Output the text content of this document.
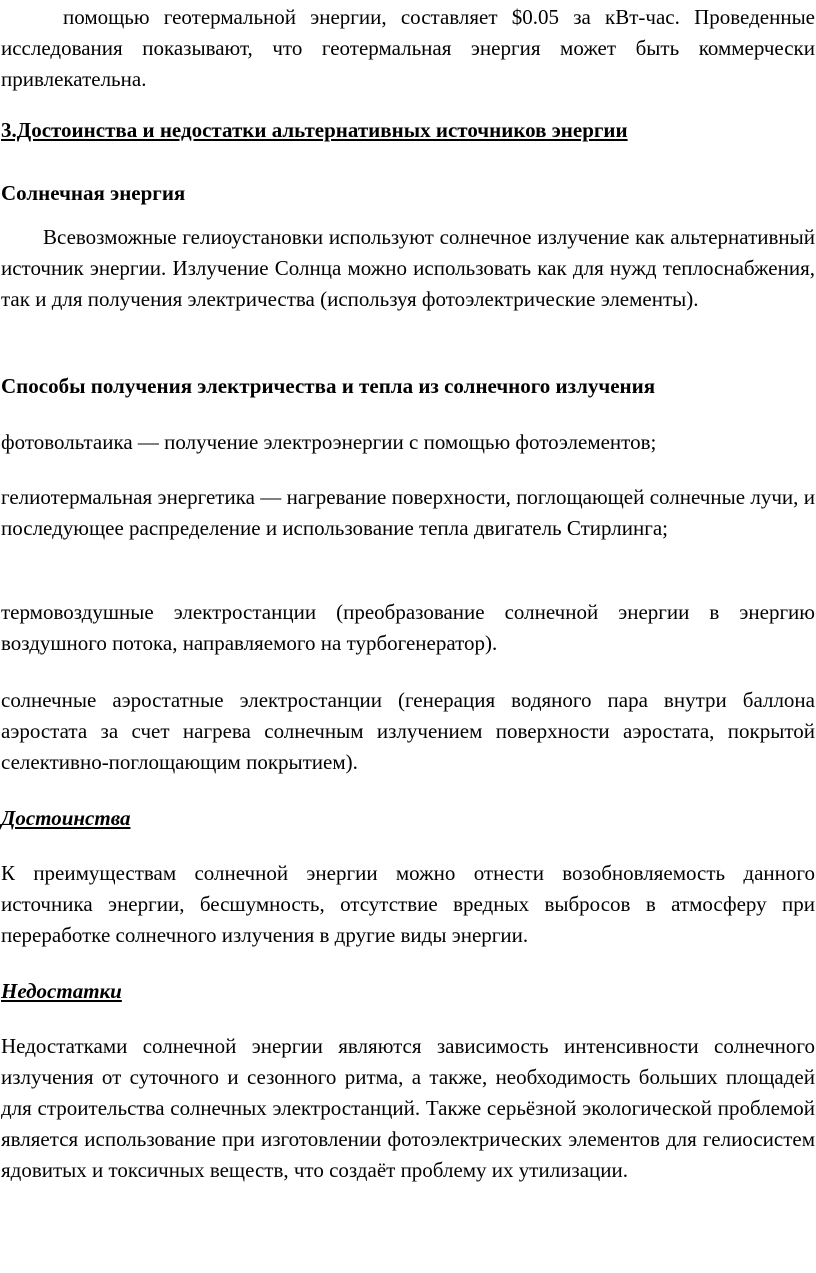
помощью геотермальной энергии, составляет $0.05 за кВт-час. Проведенные исследования показывают, что геотермальная энергия может быть коммерчески привлекательна.

3.Достоинства и недостатки альтернативных источников энергии

Солнечная энергия

Всевозможные гелиоустановки используют солнечное излучение как альтернативный источник энергии. Излучение Солнца можно использовать как для нужд теплоснабжения, так и для получения электричества (используя фотоэлектрические элементы).

Способы получения электричества и тепла из солнечного излучения

фотовольтаика — получение электроэнергии с помощью фотоэлементов;

гелиотермальная энергетика — нагревание поверхности, поглощающей солнечные лучи, и последующее распределение и использование тепла двигатель Стирлинга;

термовоздушные электростанции (преобразование солнечной энергии в энергию воздушного потока, направляемого на турбогенератор).

солнечные аэростатные электростанции (генерация водяного пара внутри баллона аэростата за счет нагрева солнечным излучением поверхности аэростата, покрытой селективно-поглощающим покрытием).

Достоинства

К преимуществам солнечной энергии можно отнести возобновляемость данного источника энергии, бесшумность, отсутствие вредных выбросов в атмосферу при переработке солнечного излучения в другие виды энергии.

Недостатки

Недостатками солнечной энергии являются зависимость интенсивности солнечного излучения от суточного и сезонного ритма, а также, необходимость больших площадей для строительства солнечных электростанций. Также серьёзной экологической проблемой является использование при изготовлении фотоэлектрических элементов для гелиосистем ядовитых и токсичных веществ, что создаёт проблему их утилизации.
